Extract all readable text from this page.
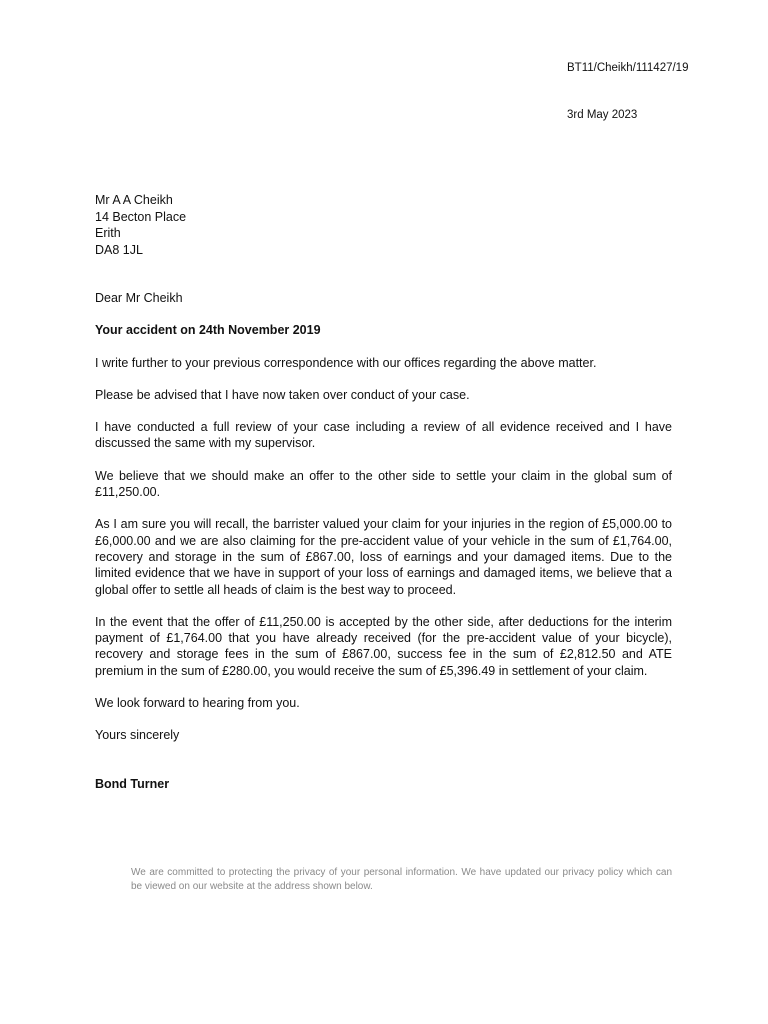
BT11/Cheikh/111427/19
3rd May 2023
Mr A A Cheikh
14 Becton Place
Erith
DA8 1JL

Dear Mr Cheikh

Your accident on 24th November 2019

I write further to your previous correspondence with our offices regarding the above matter.

Please be advised that I have now taken over conduct of your case.

I have conducted a full review of your case including a review of all evidence received and I have discussed the same with my supervisor.

We believe that we should make an offer to the other side to settle your claim in the global sum of £11,250.00.

As I am sure you will recall, the barrister valued your claim for your injuries in the region of £5,000.00 to £6,000.00 and we are also claiming for the pre-accident value of your vehicle in the sum of £1,764.00, recovery and storage in the sum of £867.00, loss of earnings and your damaged items. Due to the limited evidence that we have in support of your loss of earnings and damaged items, we believe that a global offer to settle all heads of claim is the best way to proceed.

In the event that the offer of £11,250.00 is accepted by the other side, after deductions for the interim payment of £1,764.00 that you have already received (for the pre-accident value of your bicycle), recovery and storage fees in the sum of £867.00, success fee in the sum of £2,812.50 and ATE premium in the sum of £280.00, you would receive the sum of £5,396.49 in settlement of your claim.

We look forward to hearing from you.

Yours sincerely

Bond Turner

We are committed to protecting the privacy of your personal information. We have updated our privacy policy which can be viewed on our website at the address shown below.
